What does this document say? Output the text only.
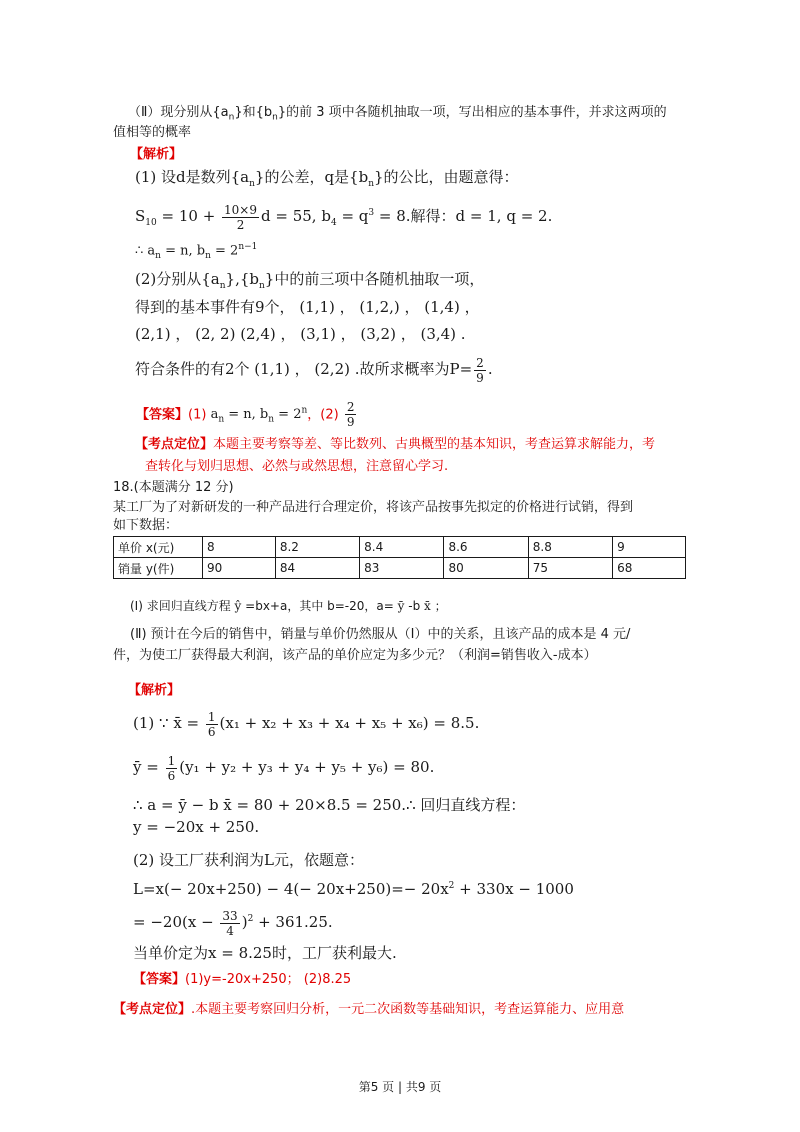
（Ⅱ）现分别从$\{a_n\}$和$\{b_n\}$的前 3 项中各随机抽取一项，写出相应的基本事件，并求这两项的
值相等的概率
【解析】
(1) 设d是数列$\{a_n\}$的公差，q是$\{b_n\}$的公比，由题意得：
$S_{10} = 10 + \frac{10\times 9}{2}$ d = 55, $b_4 = q^3 = 8$.解得：d = 1, q = 2.
∴ $a_n = n$, $b_n = 2^{n-1}$
(2)分别从$\{a_n\},\{b_n\}$中的前三项中各随机抽取一项，
得到的基本事件有9个， (1,1) ， (1,2,) ， (1,4) ，
(2,1) ， (2, 2) (2,4) ， (3,1) ， (3,2) ， (3,4) .
符合条件的有2个 (1,1) ， (2,2) .故所求概率为$P= \frac{2}{9}$ .
【答案】(1) $a_n = n$, $b_n = 2^n$，$(2) \frac{2}{9}$
【考点定位】本题主要考察等差、等比数列、古典概型的基本知识，考查运算求解能力，考
查转化与划归思想、必然与或然思想，注意留心学习.
18.(本题满分 12 分)
某工厂为了对新研发的一种产品进行合理定价，将该产品按事先拟定的价格进行试销，得到
如下数据：
单价 x(元)	8	8.2	8.4	8.6	8.8	9
销量 y(件)	90	84	83	80	75	68
(Ⅰ) 求回归直线方程 ŷ =bx+a，其中 b=-20，a= ȳ -b x̄ ；
(Ⅱ) 预计在今后的销售中，销量与单价仍然服从（Ⅰ）中的关系，且该产品的成本是 4 元/
件，为使工厂获得最大利润，该产品的单价应定为多少元？（利润=销售收入-成本）
【解析】
(1) ∵ x̄ = $\frac{1}{6} (x_1 + x_2 + x_3 + x_4 + x_5 + x_6) = 8.5$.
ȳ = $\frac{1}{6} (y_1 + y_2 + y_3 + y_4 + y_5 + y_6) = 80$.
∴ a = ȳ − b x̄ = 80 + 20×8.5 = 250.∴ 回归直线方程：
y = −20x + 250.
(2) 设工厂获利润为L元，依题意：
$L=x(- 20x+250) - 4(- 20x+250)=- 20x^2 + 330x - 1000$
= $-20(x - \frac{33}{4} )^2 + 361.25$.
当单价定为x = 8.25时，工厂获利最大.
【答案】(1)y=-20x+250； (2)8.25
【考点定位】.本题主要考察回归分析，一元二次函数等基础知识，考查运算能力、应用意
第5 页 | 共9 页
